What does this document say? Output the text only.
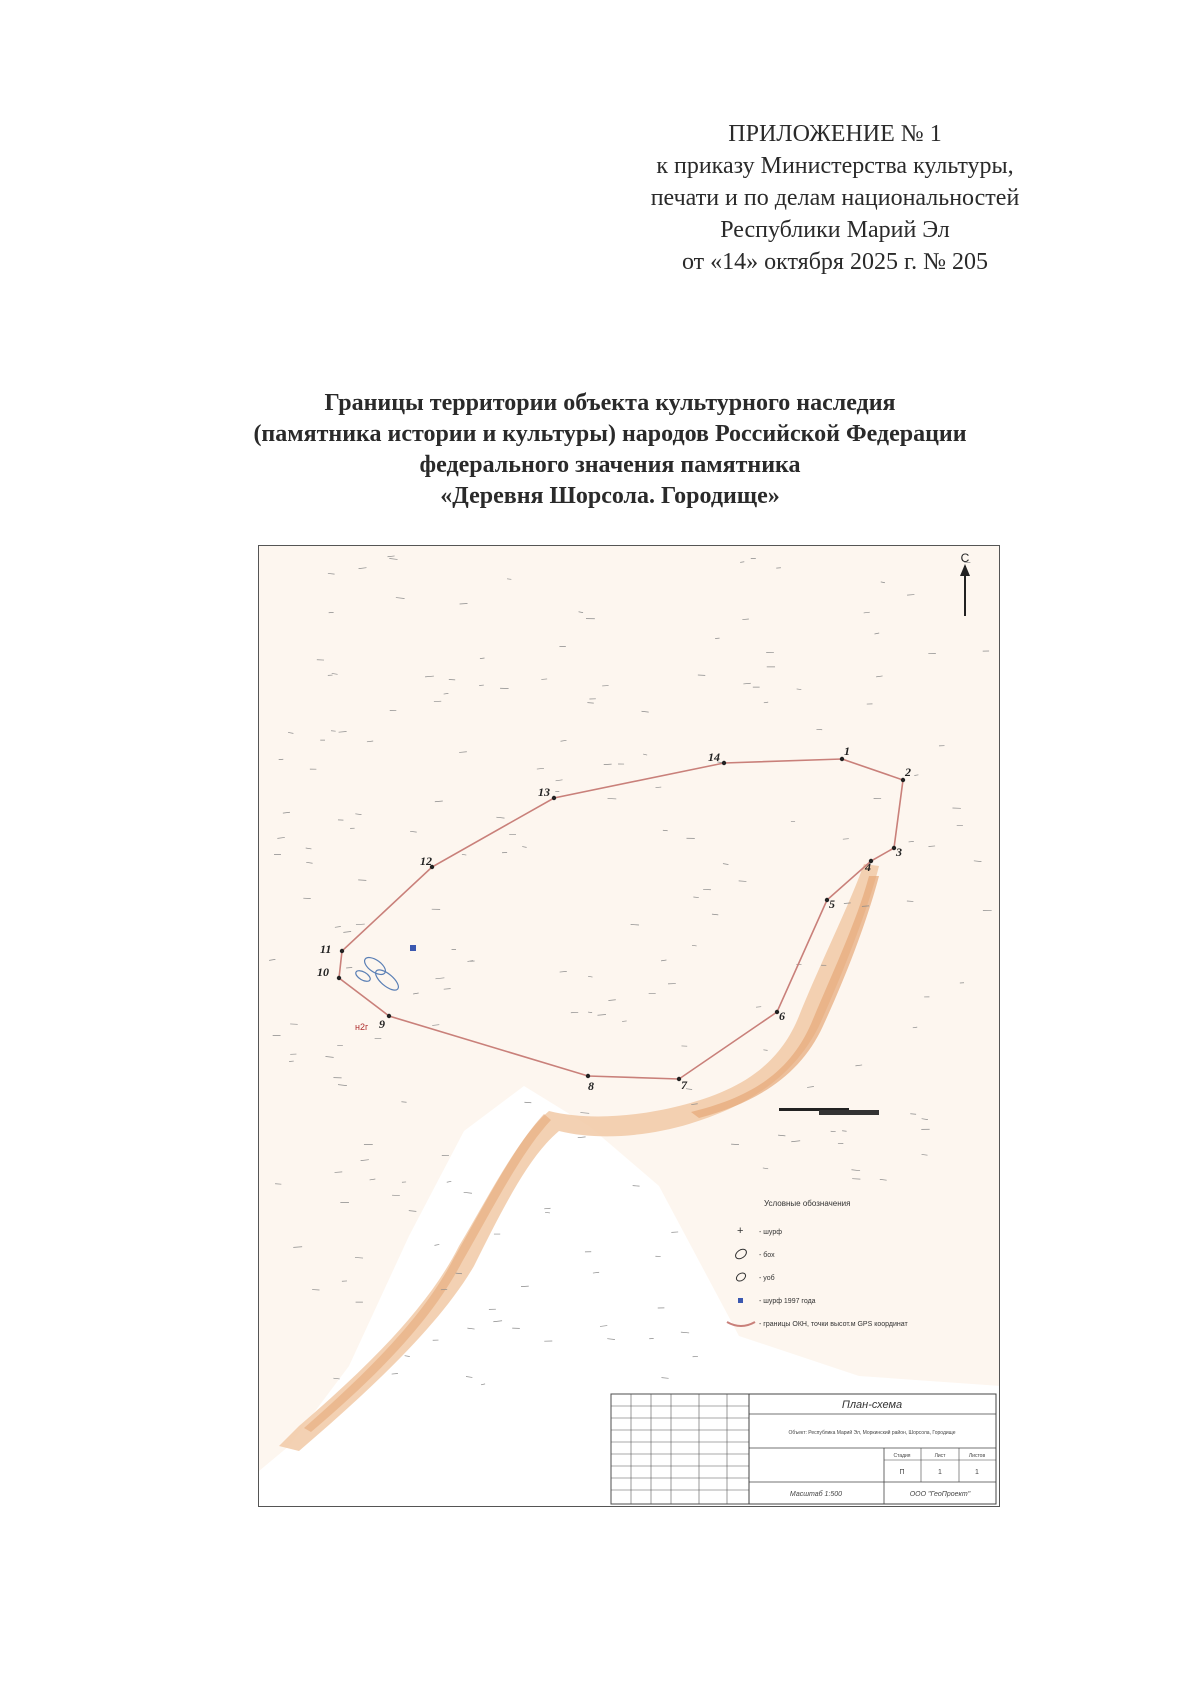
ПРИЛОЖЕНИЕ № 1
к приказу Министерства культуры,
печати и по делам национальностей
Республики Марий Эл
от «14» октября 2025 г. № 205
Границы территории объекта культурного наследия
(памятника истории и культуры) народов Российской Федерации
федерального значения памятника
«Деревня Шорсола. Городище»
С
1
2
3
4
5
6
7
8
9
10
11
12
13
14
н2г
Условные обозначения
+ - шурф
- бох
- уоб
- шурф 1997 года
- границы ОКН, точки высот.м GPS координат
План-схема
Объект: Республика Марий Эл, Моркинский район, Шорсола, Городище
Стадия	Лист	Листов
П	1	1
Масштаб 1:500	ООО "ГеоПроект"
